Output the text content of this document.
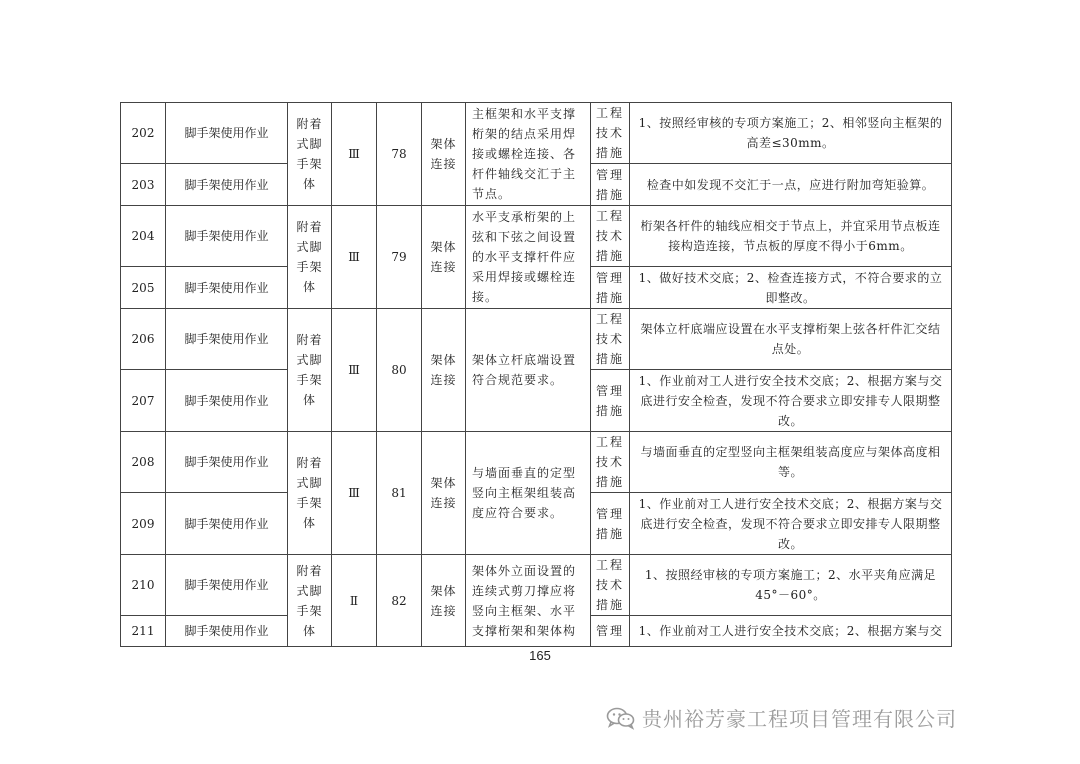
202	脚手架使用作业	附着式脚手架体	Ⅲ	78	架体连接	主框架和水平支撑桁架的结点采用焊接或螺栓连接、各杆件轴线交汇于主节点。	工程技术措施	1、按照经审核的专项方案施工；2、相邻竖向主框架的高差≤30mm。
203	脚手架使用作业						管理措施	检查中如发现不交汇于一点，应进行附加弯矩验算。
204	脚手架使用作业	附着式脚手架体	Ⅲ	79	架体连接	水平支承桁架的上弦和下弦之间设置的水平支撑杆件应采用焊接或螺栓连接。	工程技术措施	桁架各杆件的轴线应相交于节点上，并宜采用节点板连接构造连接，节点板的厚度不得小于6mm。
205	脚手架使用作业						管理措施	1、做好技术交底；2、检查连接方式，不符合要求的立即整改。
206	脚手架使用作业	附着式脚手架体	Ⅲ	80	架体连接	架体立杆底端设置符合规范要求。	工程技术措施	架体立杆底端应设置在水平支撑桁架上弦各杆件汇交结点处。
207	脚手架使用作业						管理措施	1、作业前对工人进行安全技术交底；2、根据方案与交底进行安全检查，发现不符合要求立即安排专人限期整改。
208	脚手架使用作业	附着式脚手架体	Ⅲ	81	架体连接	与墙面垂直的定型竖向主框架组装高度应符合要求。	工程技术措施	与墙面垂直的定型竖向主框架组装高度应与架体高度相等。
209	脚手架使用作业						管理措施	1、作业前对工人进行安全技术交底；2、根据方案与交底进行安全检查，发现不符合要求立即安排专人限期整改。
210	脚手架使用作业	附着式脚手架体	Ⅱ	82	架体连接	架体外立面设置的连续式剪刀撑应将竖向主框架、水平支撑桁架和架体构	工程技术措施	1、按照经审核的专项方案施工；2、水平夹角应满足45°－60°。
211	脚手架使用作业						管理	1、作业前对工人进行安全技术交底；2、根据方案与交
165
贵州裕芳豪工程项目管理有限公司
